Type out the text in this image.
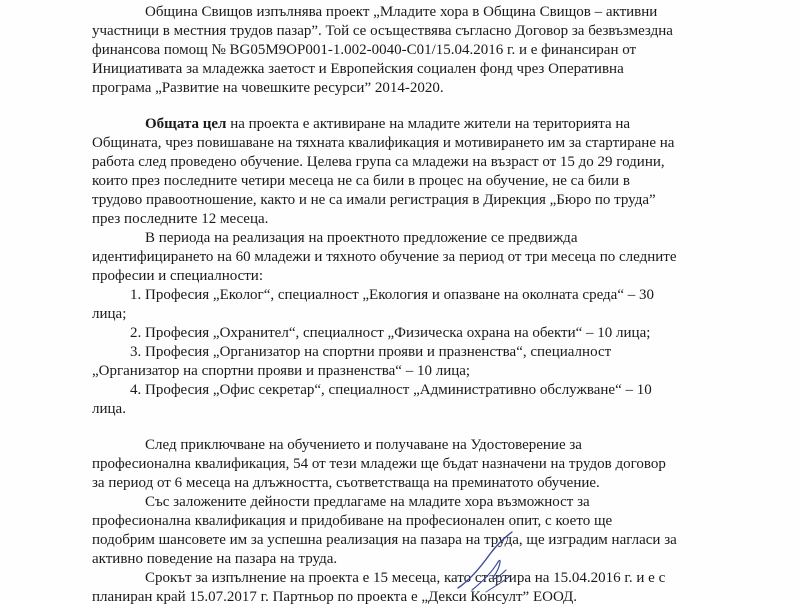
Община Свищов изпълнява проект „Младите хора в Община Свищов – активни

участници в местния трудов пазар”. Той се осъществява съгласно Договор за безвъзмездна

финансова помощ № BG05M9OP001-1.002-0040-C01/15.04.2016 г. и е финансиран от

Инициативата за младежка заетост и Европейския социален фонд чрез Оперативна

програма „Развитие на човешките ресурси” 2014-2020.

Общата цел на проекта е активиране на младите жители на територията на

Общината, чрез повишаване на тяхната квалификация и мотивирането им за стартиране на

работа след проведено обучение. Целева група са младежи на възраст от 15 до 29 години,

които през последните четири месеца не са били в процес на обучение, не са били в

трудово правоотношение, както и не са имали регистрация в Дирекция „Бюро по труда”

през последните 12 месеца.

В периода на реализация на проектното предложение се предвижда

идентифицирането на 60 младежи и тяхното обучение за период от три месеца по следните

професии и специалности:

1. Професия „Еколог“, специалност „Екология и опазване на околната среда“ – 30

лица;

2. Професия „Охранител“, специалност „Физическа охрана на обекти“ – 10 лица;

3. Професия „Организатор на спортни прояви и празненства“, специалност

„Организатор на спортни прояви и празненства“ – 10 лица;

4. Професия „Офис секретар“, специалност „Административно обслужване“ – 10

лица.

След приключване на обучението и получаване на Удостоверение за

професионална квалификация, 54 от тези младежи ще бъдат назначени на трудов договор

за период от 6 месеца на длъжността, съответстваща на преминатото обучение.

Със заложените дейности предлагаме на младите хора възможност за

професионална квалификация и придобиване на професионален опит, с което ще

подобрим шансовете им за успешна реализация на пазара на труда, ще изградим нагласи за

активно поведение на пазара на труда.

Срокът за изпълнение на проекта е 15 месеца, като стартира на 15.04.2016 г. и е с

планиран край 15.07.2017 г. Партньор по проекта е „Декси Консулт” ЕООД.
